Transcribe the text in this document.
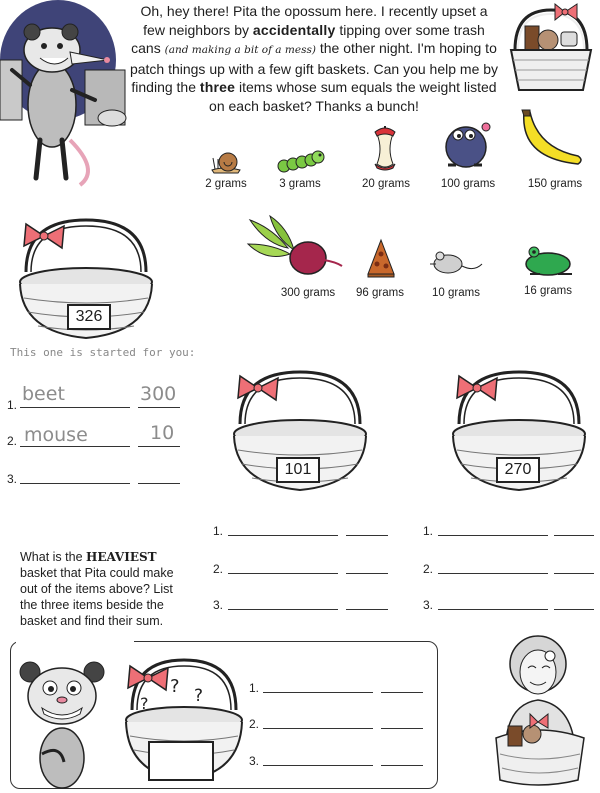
Oh, hey there! Pita the opossum here. I recently upset a few neighbors by accidentally tipping over some trash cans (and making a bit of a mess) the other night. I'm hoping to patch things up with a few gift baskets. Can you help me by finding the three items whose sum equals the weight listed on each basket? Thanks a bunch!
2 grams	3 grams	20 grams	100 grams	150 grams
300 grams	96 grams	10 grams	16 grams
326
This one is started for you:
1. beet	300
2. mouse	10
3.
101	270
1.
2.
3.
1.
2.
3.
What is the HEAVIEST basket that Pita could make out of the items above? List the three items beside the basket and find their sum.
? ?
?
1.
2.
3.
